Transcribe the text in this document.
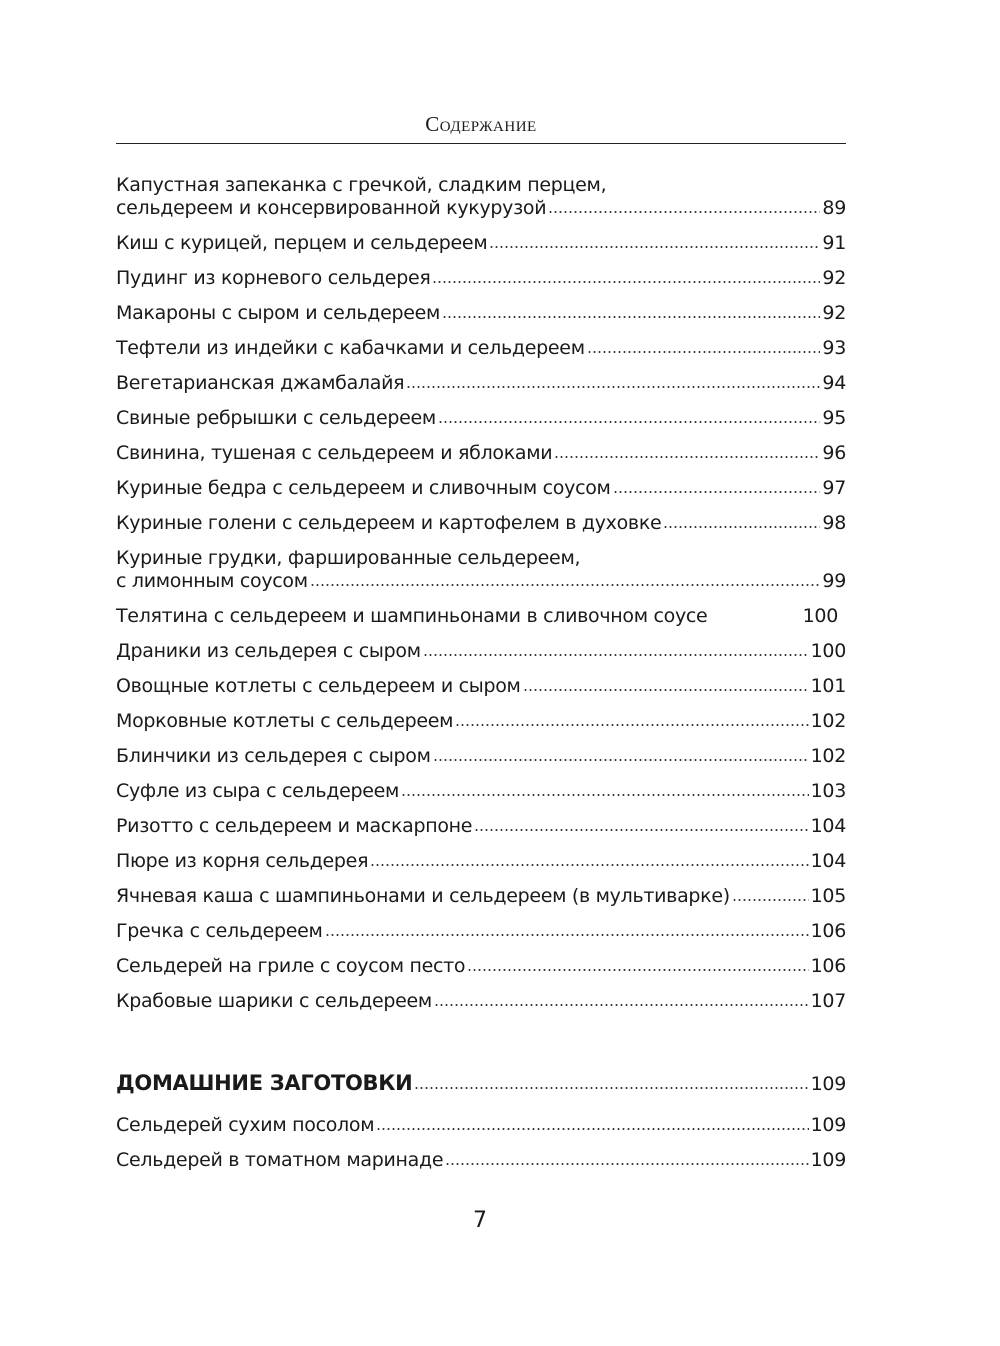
Содержание
Капустная запеканка с гречкой, сладким перцем,
сельдереем и консервированной кукурузой	89
Киш с курицей, перцем и сельдереем	91
Пудинг из корневого сельдерея	92
Макароны с сыром и сельдереем	92
Тефтели из индейки с кабачками и сельдереем	93
Вегетарианская джамбалайя	94
Свиные ребрышки с сельдереем	95
Свинина, тушеная с сельдереем и яблоками	96
Куриные бедра с сельдереем и сливочным соусом	97
Куриные голени с сельдереем и картофелем в духовке	98
Куриные грудки, фаршированные сельдереем,
с лимонным соусом	99
Телятина с сельдереем и шампиньонами в сливочном соусе	100
Драники из сельдерея с сыром	100
Овощные котлеты с сельдереем и сыром	101
Морковные котлеты с сельдереем	102
Блинчики из сельдерея с сыром	102
Суфле из сыра с сельдереем	103
Ризотто с сельдереем и маскарпоне	104
Пюре из корня сельдерея	104
Ячневая каша с шампиньонами и сельдереем (в мультиварке)	105
Гречка с сельдереем	106
Сельдерей на гриле с соусом песто	106
Крабовые шарики с сельдереем	107
ДОМАШНИЕ ЗАГОТОВКИ	109
Сельдерей сухим посолом	109
Сельдерей в томатном маринаде	109
7
